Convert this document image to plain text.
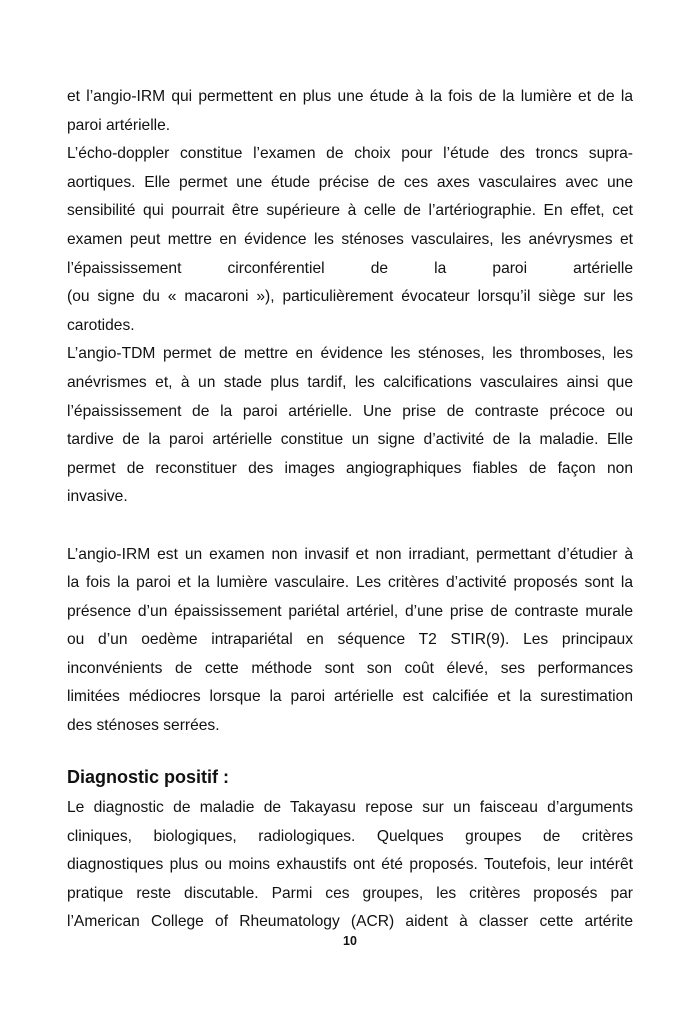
et l’angio-IRM qui permettent en plus une étude à la fois de la lumière et de la
paroi artérielle.
L’écho-doppler constitue l’examen de choix pour l’étude des troncs supra-
aortiques. Elle permet une étude précise de ces axes vasculaires avec une
sensibilité qui pourrait être supérieure à celle de l’artériographie. En effet, cet
examen peut mettre en évidence les sténoses vasculaires, les anévrysmes et
l’épaississement circonférentiel de la paroi artérielle
(ou signe du « macaroni »), particulièrement évocateur lorsqu’il siège sur les
carotides.
L’angio-TDM permet de mettre en évidence les sténoses, les thromboses, les
anévrismes et, à un stade plus tardif, les calcifications vasculaires ainsi que
l’épaississement de la paroi artérielle. Une prise de contraste précoce ou
tardive de la paroi artérielle constitue un signe d’activité de la maladie. Elle
permet de reconstituer des images angiographiques fiables de façon non
invasive.

L’angio-IRM est un examen non invasif et non irradiant, permettant d’étudier à
la fois la paroi et la lumière vasculaire. Les critères d’activité proposés sont la
présence d’un épaississement pariétal artériel, d’une prise de contraste murale
ou d’un oedème intrapariétal en séquence T2 STIR(9). Les principaux
inconvénients de cette méthode sont son coût élevé, ses performances
limitées médiocres lorsque la paroi artérielle est calcifiée et la surestimation
des sténoses serrées.
Diagnostic positif :
Le diagnostic de maladie de Takayasu repose sur un faisceau d’arguments
cliniques, biologiques, radiologiques. Quelques groupes de critères
diagnostiques plus ou moins exhaustifs ont été proposés. Toutefois, leur intérêt
pratique reste discutable. Parmi ces groupes, les critères proposés par
l’American College of Rheumatology (ACR) aident à classer cette artérite
10
